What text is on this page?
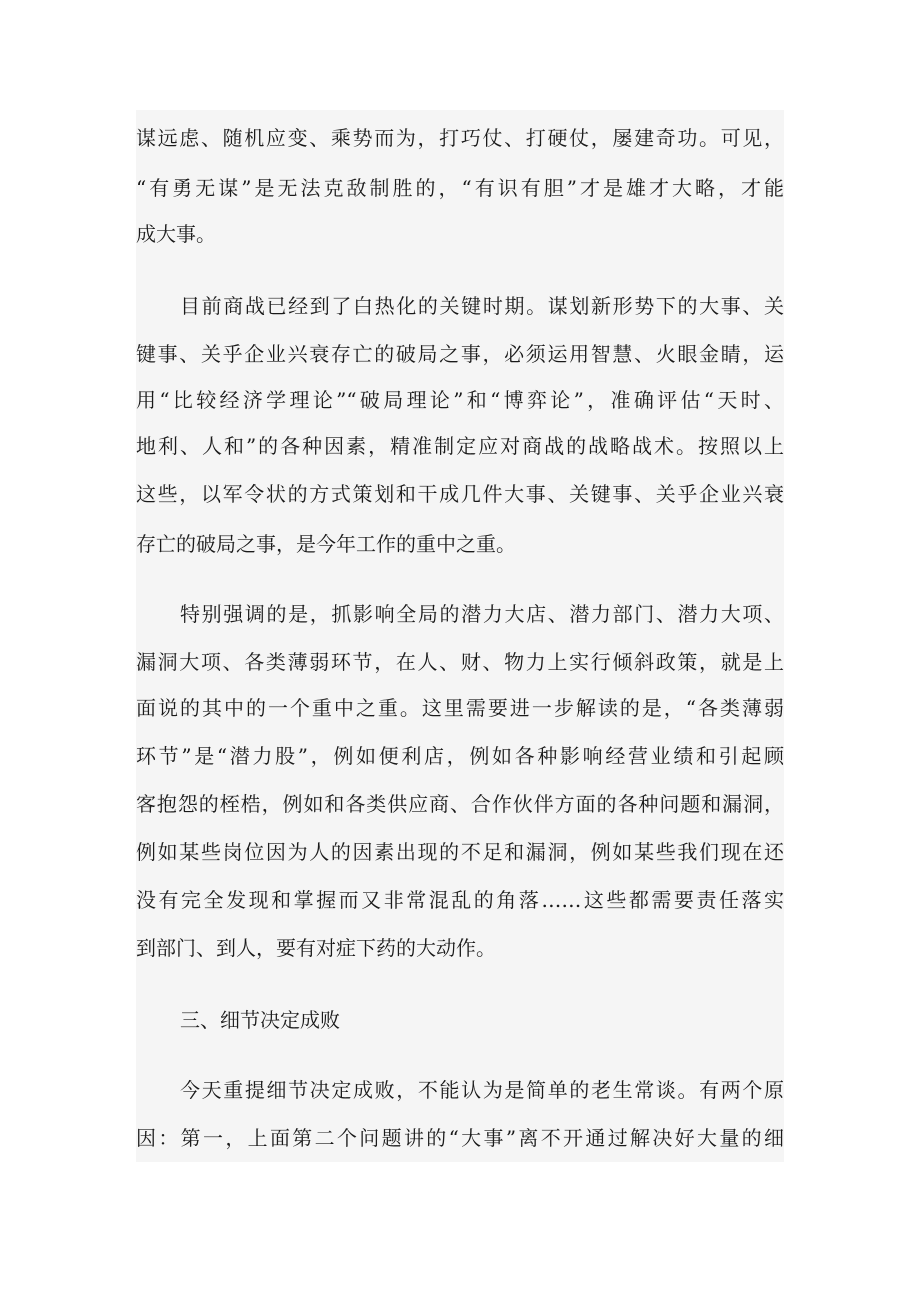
谋远虑、随机应变、乘势而为，打巧仗、打硬仗，屡建奇功。可见，
“有勇无谋”是无法克敌制胜的，“有识有胆”才是雄才大略，才能
成大事。
目前商战已经到了白热化的关键时期。谋划新形势下的大事、关
键事、关乎企业兴衰存亡的破局之事，必须运用智慧、火眼金睛，运
用“比较经济学理论”“破局理论”和“博弈论”，准确评估“天时、
地利、人和”的各种因素，精准制定应对商战的战略战术。按照以上
这些，以军令状的方式策划和干成几件大事、关键事、关乎企业兴衰
存亡的破局之事，是今年工作的重中之重。
特别强调的是，抓影响全局的潜力大店、潜力部门、潜力大项、
漏洞大项、各类薄弱环节，在人、财、物力上实行倾斜政策，就是上
面说的其中的一个重中之重。这里需要进一步解读的是，“各类薄弱
环节”是“潜力股”，例如便利店，例如各种影响经营业绩和引起顾
客抱怨的桎梏，例如和各类供应商、合作伙伴方面的各种问题和漏洞，
例如某些岗位因为人的因素出现的不足和漏洞，例如某些我们现在还
没有完全发现和掌握而又非常混乱的角落……这些都需要责任落实
到部门、到人，要有对症下药的大动作。
三、细节决定成败
今天重提细节决定成败，不能认为是简单的老生常谈。有两个原
因：第一，上面第二个问题讲的“大事”离不开通过解决好大量的细
